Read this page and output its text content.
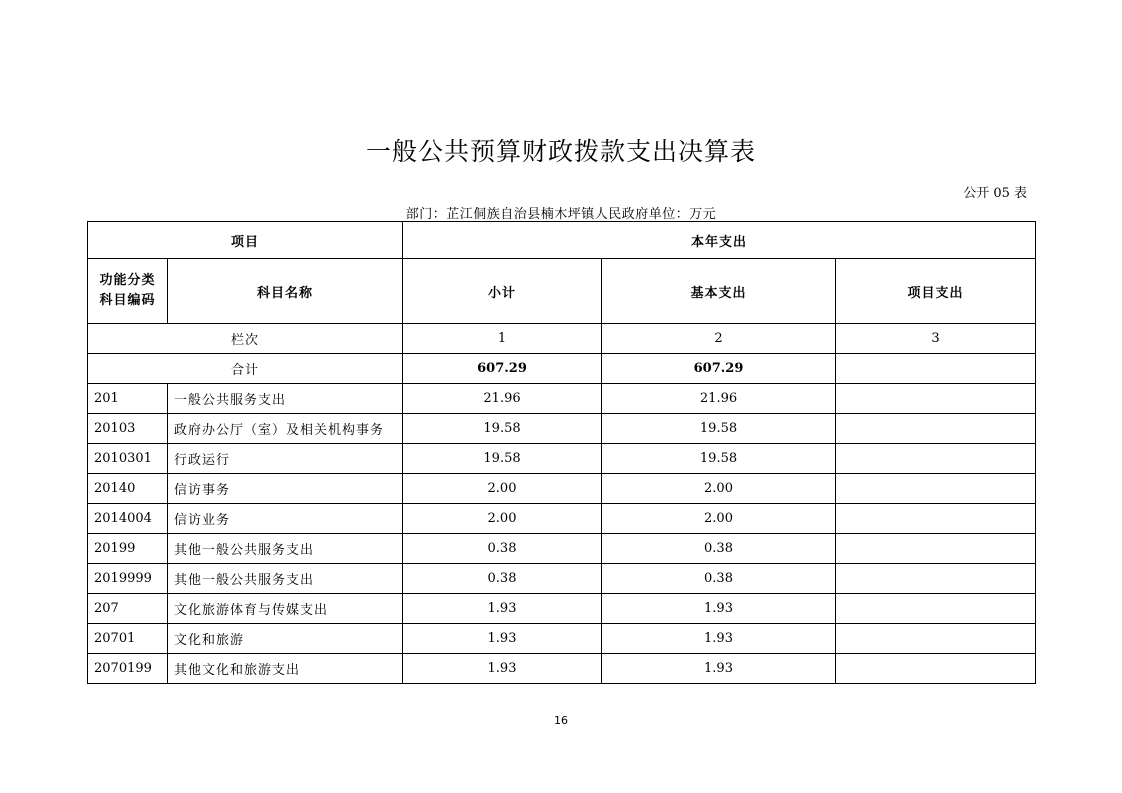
一般公共预算财政拨款支出决算表
公开 05 表
部门：芷江侗族自治县楠木坪镇人民政府单位：万元
项目		本年支出		
功能分类科目编码	科目名称	小计	基本支出	项目支出
栏次		1	2	3
合计		607.29	607.29	
201	一般公共服务支出	21.96	21.96	
20103	政府办公厅（室）及相关机构事务	19.58	19.58	
2010301	行政运行	19.58	19.58	
20140	信访事务	2.00	2.00	
2014004	信访业务	2.00	2.00	
20199	其他一般公共服务支出	0.38	0.38	
2019999	其他一般公共服务支出	0.38	0.38	
207	文化旅游体育与传媒支出	1.93	1.93	
20701	文化和旅游	1.93	1.93	
2070199	其他文化和旅游支出	1.93	1.93	
16
